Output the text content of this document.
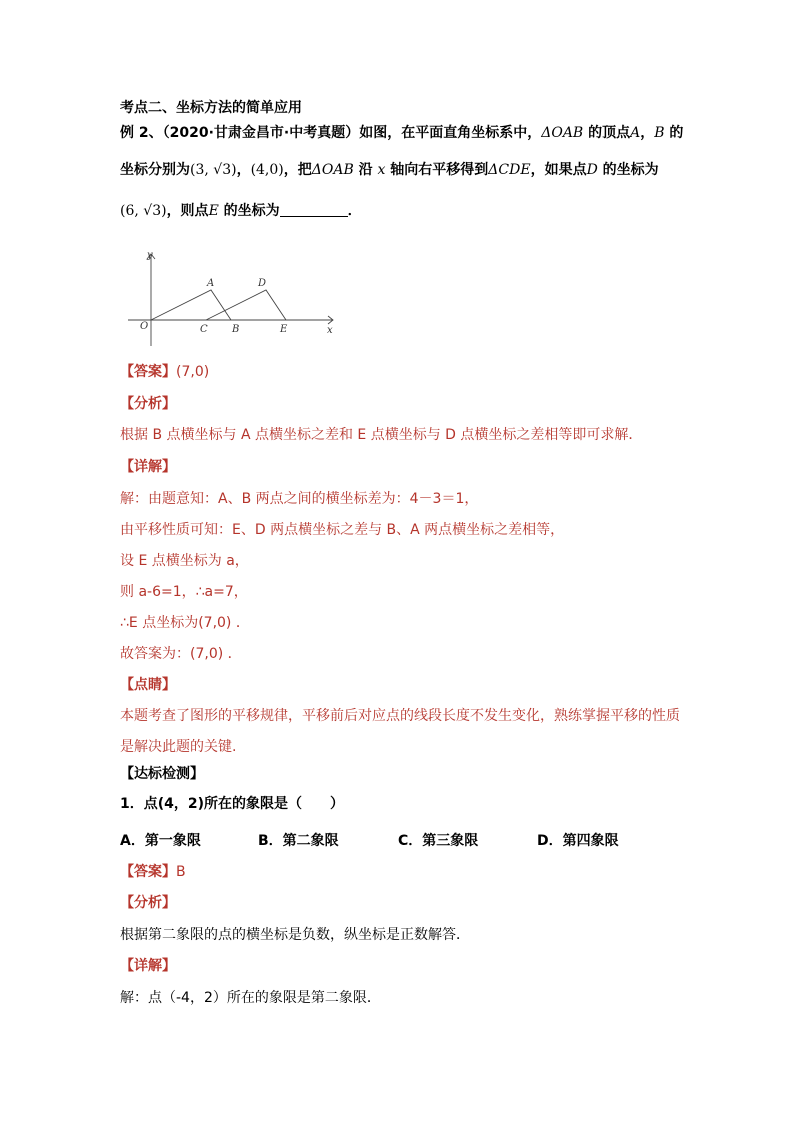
考点二、坐标方法的简单应用
例 2、（2020·甘肃金昌市·中考真题）如图，在平面直角坐标系中，ΔOAB 的顶点A，B 的
坐标分别为(3, √3)，(4,0)，把ΔOAB 沿 x 轴向右平移得到ΔCDE，如果点D 的坐标为
(6, √3)，则点E 的坐标为	．
y
O
A
C B
D
E	x
【答案】(7,0)
【分析】
根据 B 点横坐标与 A 点横坐标之差和 E 点横坐标与 D 点横坐标之差相等即可求解．
【详解】
解：由题意知：A、B 两点之间的横坐标差为：4－3＝1，
由平移性质可知：E、D 两点横坐标之差与 B、A 两点横坐标之差相等，
设 E 点横坐标为 a，
则 a-6=1，∴a=7，
∴E 点坐标为(7,0) ．
故答案为：(7,0) ．
【点睛】
本题考查了图形的平移规律，平移前后对应点的线段长度不发生变化，熟练掌握平移的性质
是解决此题的关键.
【达标检测】
1．点(4，2)所在的象限是（　　）
A．第一象限	B．第二象限	C．第三象限	D．第四象限
【答案】B
【分析】
根据第二象限的点的横坐标是负数，纵坐标是正数解答．
【详解】
解：点（-4，2）所在的象限是第二象限．
